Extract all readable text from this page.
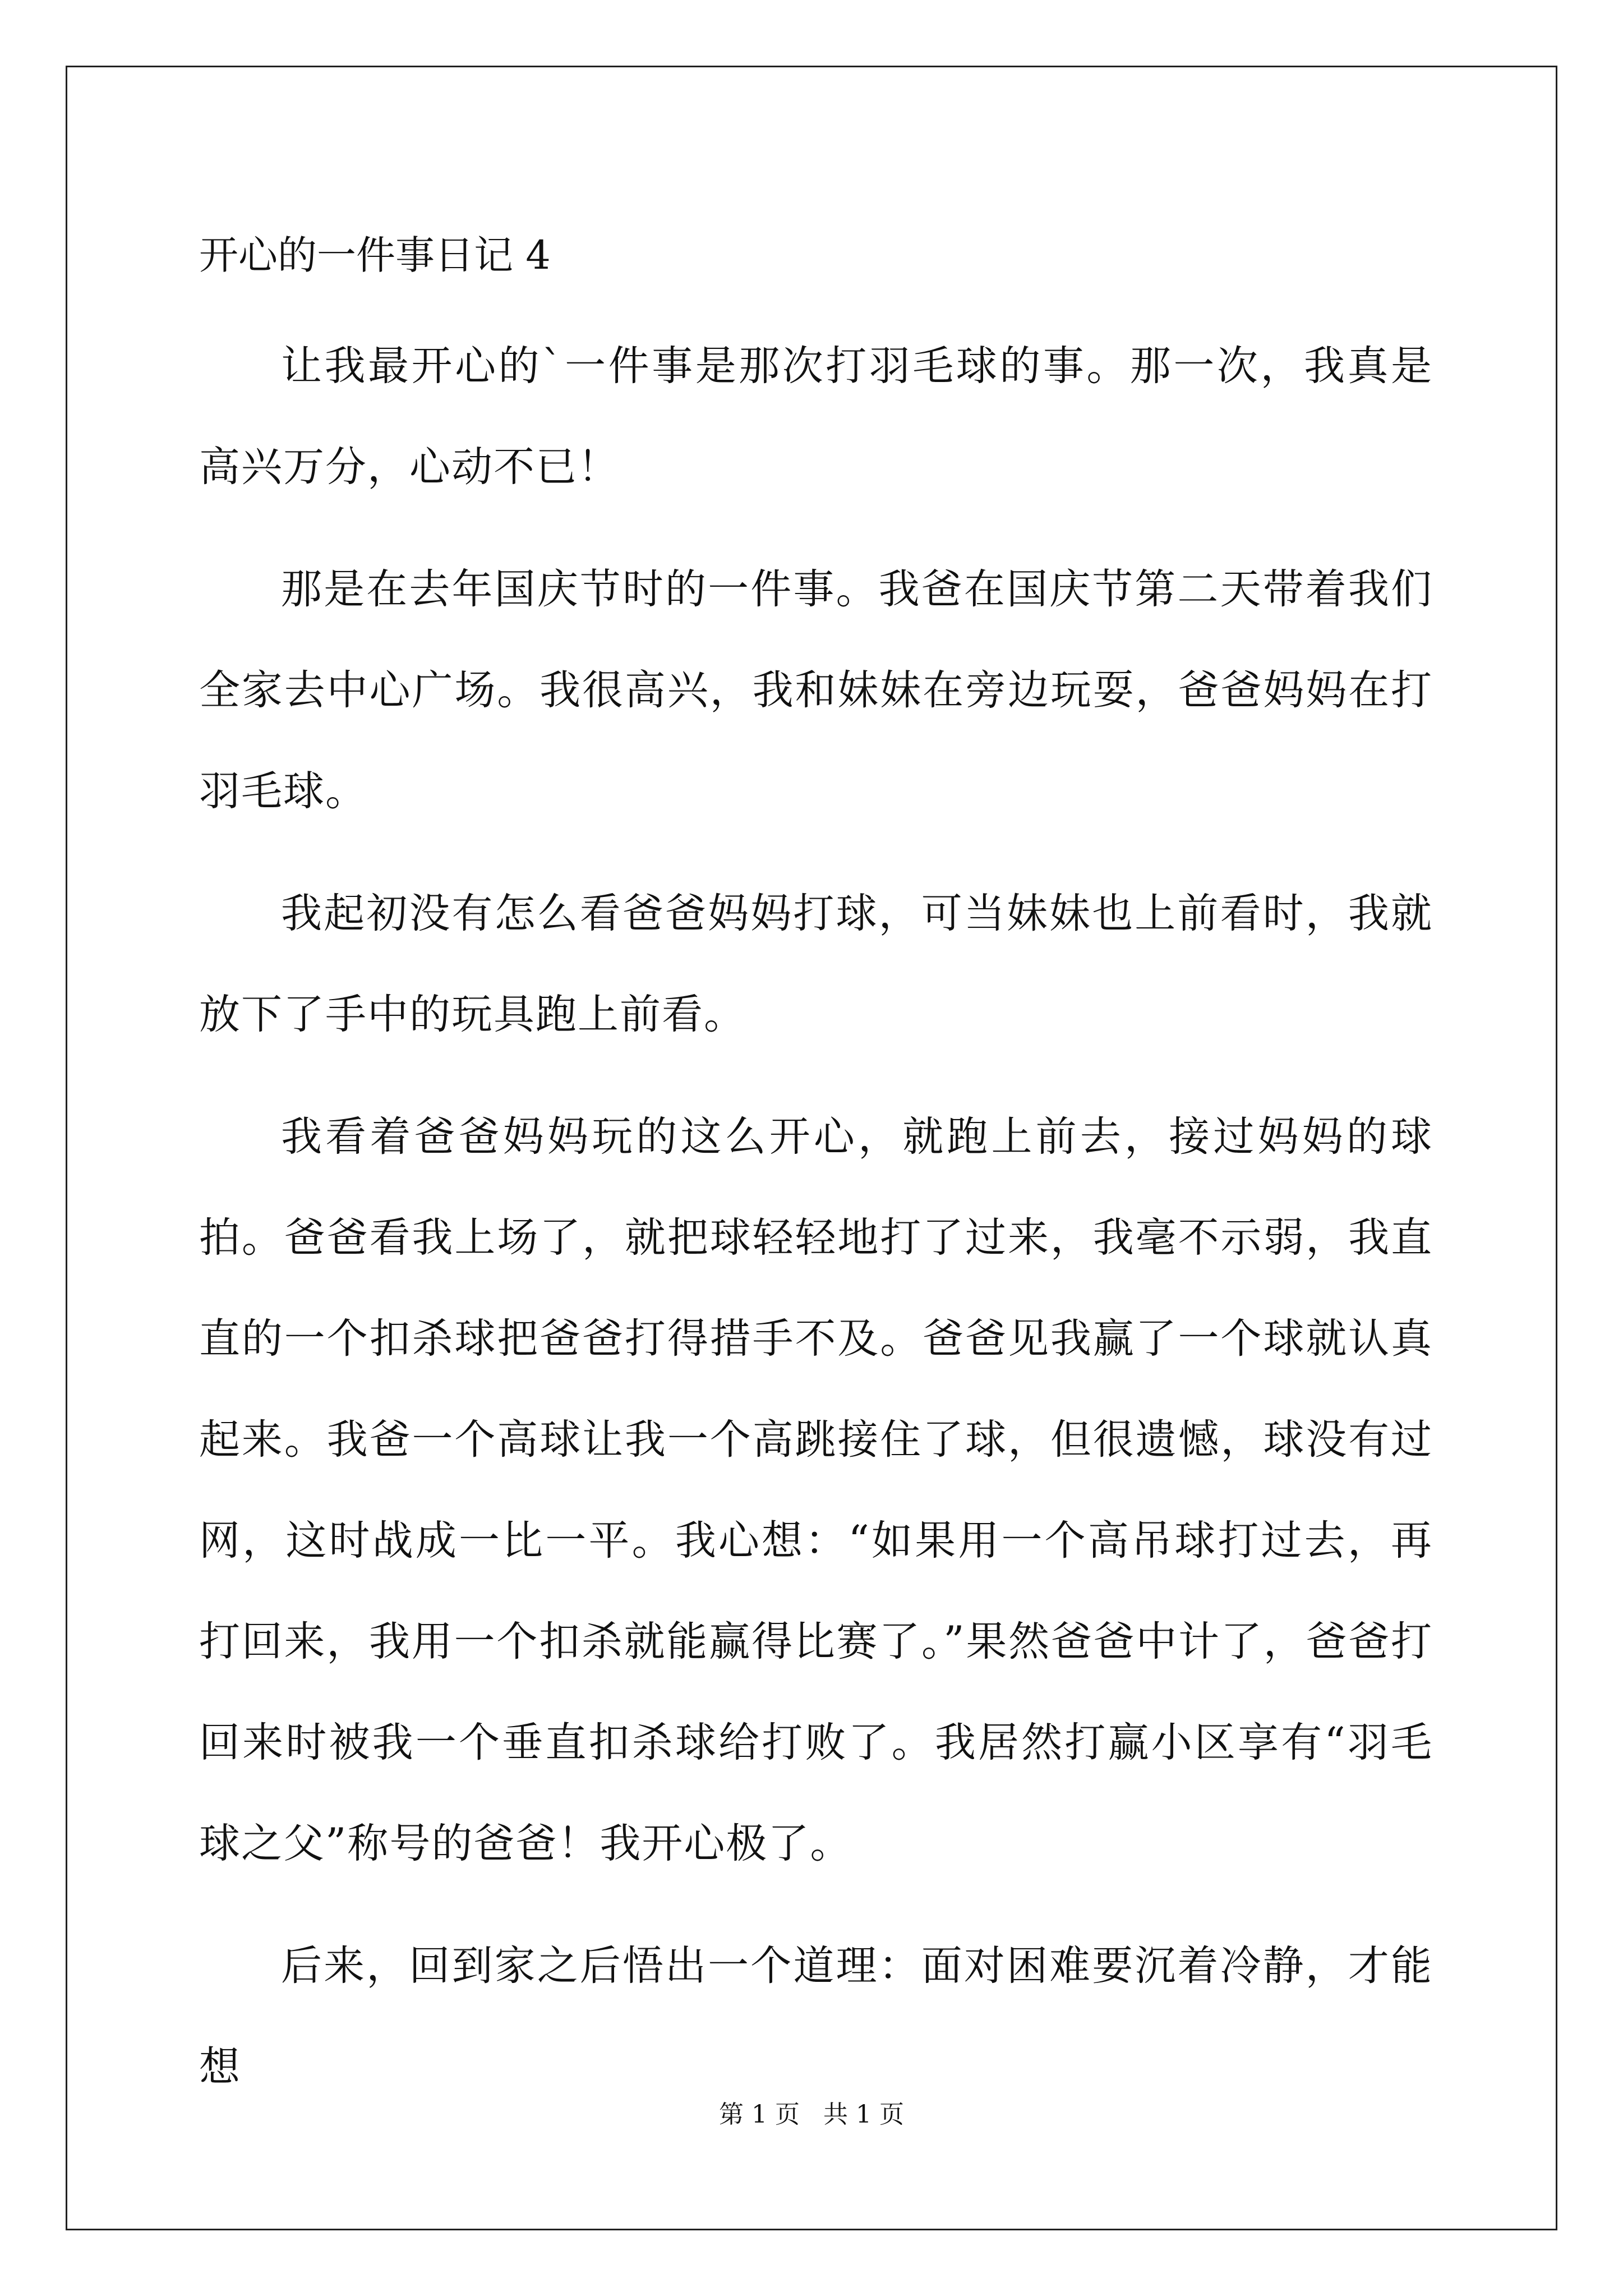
开心的一件事日记 4

让我最开心的`一件事是那次打羽毛球的事。那一次，我真是高兴万分，心动不已！

那是在去年国庆节时的一件事。我爸在国庆节第二天带着我们全家去中心广场。我很高兴，我和妹妹在旁边玩耍，爸爸妈妈在打羽毛球。

我起初没有怎么看爸爸妈妈打球，可当妹妹也上前看时，我就放下了手中的玩具跑上前看。

我看着爸爸妈妈玩的这么开心，就跑上前去，接过妈妈的球拍。爸爸看我上场了，就把球轻轻地打了过来，我毫不示弱，我直直的一个扣杀球把爸爸打得措手不及。爸爸见我赢了一个球就认真起来。我爸一个高球让我一个高跳接住了球，但很遗憾，球没有过网，这时战成一比一平。我心想：“如果用一个高吊球打过去，再打回来，我用一个扣杀就能赢得比赛了。”果然爸爸中计了，爸爸打回来时被我一个垂直扣杀球给打败了。我居然打赢小区享有“羽毛球之父”称号的爸爸！我开心极了。

后来，回到家之后悟出一个道理：面对困难要沉着冷静，才能想

第 1 页   共 1 页
